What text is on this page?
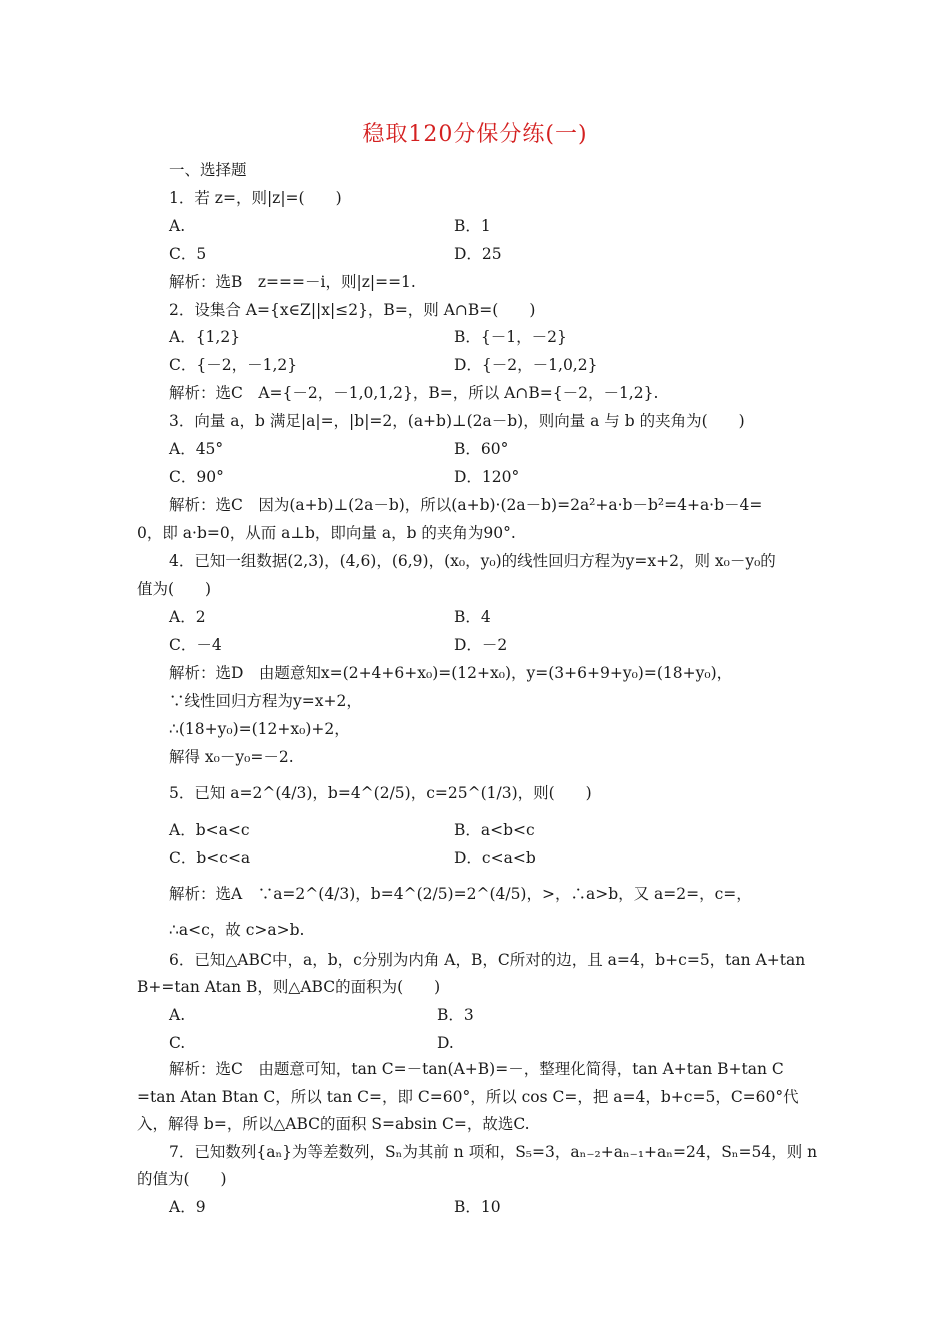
稳取120分保分练(一)
一、选择题
1．若 z=，则|z|=(　　)
A.	B．1
C．5	D．25
解析：选B　z===－i，则|z|==1.
2．设集合 A={x∈Z||x|≤2}，B=，则 A∩B=(　　)
A．{1,2}	B．{－1，－2}
C．{－2，－1,2}	D．{－2，－1,0,2}
解析：选C　A={－2，－1,0,1,2}，B=，所以 A∩B={－2，－1,2}.
3．向量 a，b 满足|a|=，|b|=2，(a+b)⊥(2a－b)，则向量 a 与 b 的夹角为(　　)
A．45°	B．60°
C．90°	D．120°
解析：选C　因为(a+b)⊥(2a－b)，所以(a+b)·(2a－b)=2a²+a·b－b²=4+a·b－4=
0，即 a·b=0，从而 a⊥b，即向量 a，b 的夹角为90°.
4．已知一组数据(2,3)，(4,6)，(6,9)，(x₀，y₀)的线性回归方程为y=x+2，则 x₀－y₀的
值为(　　)
A．2	B．4
C．－4	D．－2
解析：选D　由题意知x=(2+4+6+x₀)=(12+x₀)，y=(3+6+9+y₀)=(18+y₀)，
∵线性回归方程为y=x+2，
∴(18+y₀)=(12+x₀)+2，
解得 x₀－y₀=－2.
5．已知 a=2^(4/3)，b=4^(2/5)，c=25^(1/3)，则(　　)
A．b<a<c	B．a<b<c
C．b<c<a	D．c<a<b
解析：选A　∵a=2^(4/3)，b=4^(2/5)=2^(4/5)，>，∴a>b，又 a=2=，c=，
∴a<c，故 c>a>b.
6．已知△ABC中，a，b，c分别为内角 A，B，C所对的边，且 a=4，b+c=5，tan A+tan
B+=tan Atan B，则△ABC的面积为(　　)
A.	B．3
C.	D.
解析：选C　由题意可知，tan C=－tan(A+B)=－，整理化简得，tan A+tan B+tan C
=tan Atan Btan C，所以 tan C=，即 C=60°，所以 cos C=，把 a=4，b+c=5，C=60°代
入，解得 b=，所以△ABC的面积 S=absin C=，故选C.
7．已知数列{aₙ}为等差数列，Sₙ为其前 n 项和，S₅=3，aₙ₋₂+aₙ₋₁+aₙ=24，Sₙ=54，则 n
的值为(　　)
A．9	B．10
